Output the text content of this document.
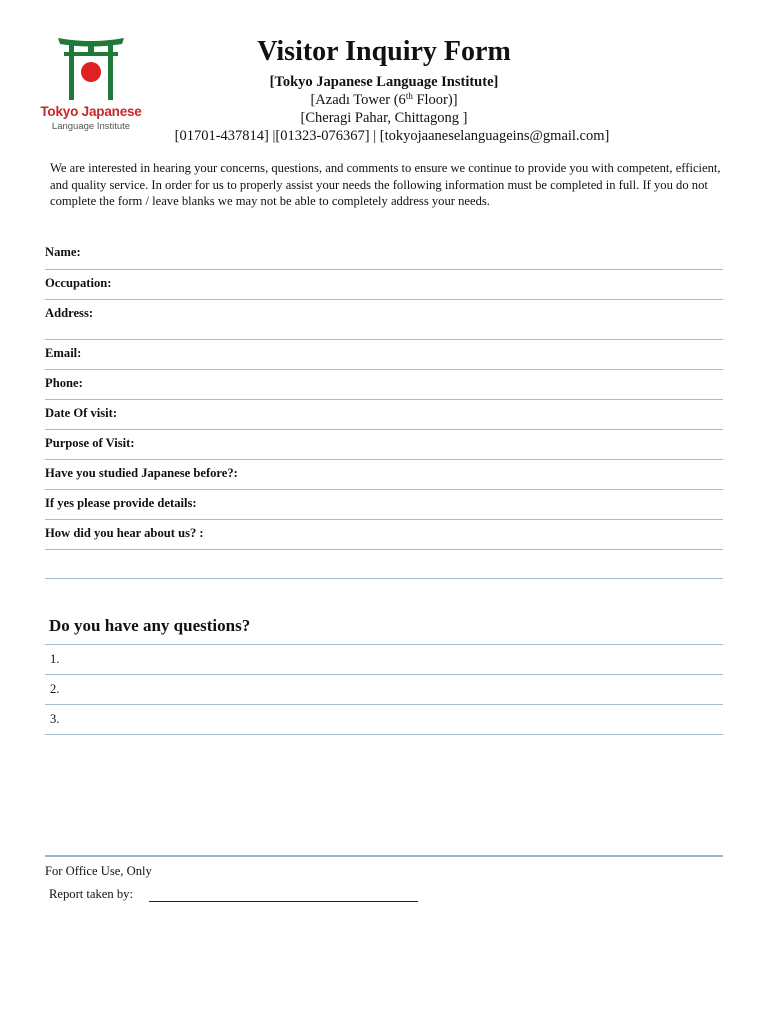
Tokyo Japanese
Language Institute
Visitor Inquiry Form
[Tokyo Japanese Language Institute]
[Azadı Tower (6th Floor)]
[Cheragi Pahar, Chittagong ]
[01701-437814] |[01323-076367] | [tokyojaaneselanguageins@gmail.com]

We are interested in hearing your concerns, questions, and comments to ensure we continue to provide you with competent, efficient, and quality service. In order for us to properly assist your needs the following information must be completed in full. If you do not complete the form / leave blanks we may not be able to completely address your needs.

Name:
Occupation:
Address:
Email:
Phone:
Date Of visit:
Purpose of Visit:
Have you studied Japanese before?:
If yes please provide details:
How did you hear about us? :
Do you have any questions?
1.
2.
3.
For Office Use, Only
Report taken by:
